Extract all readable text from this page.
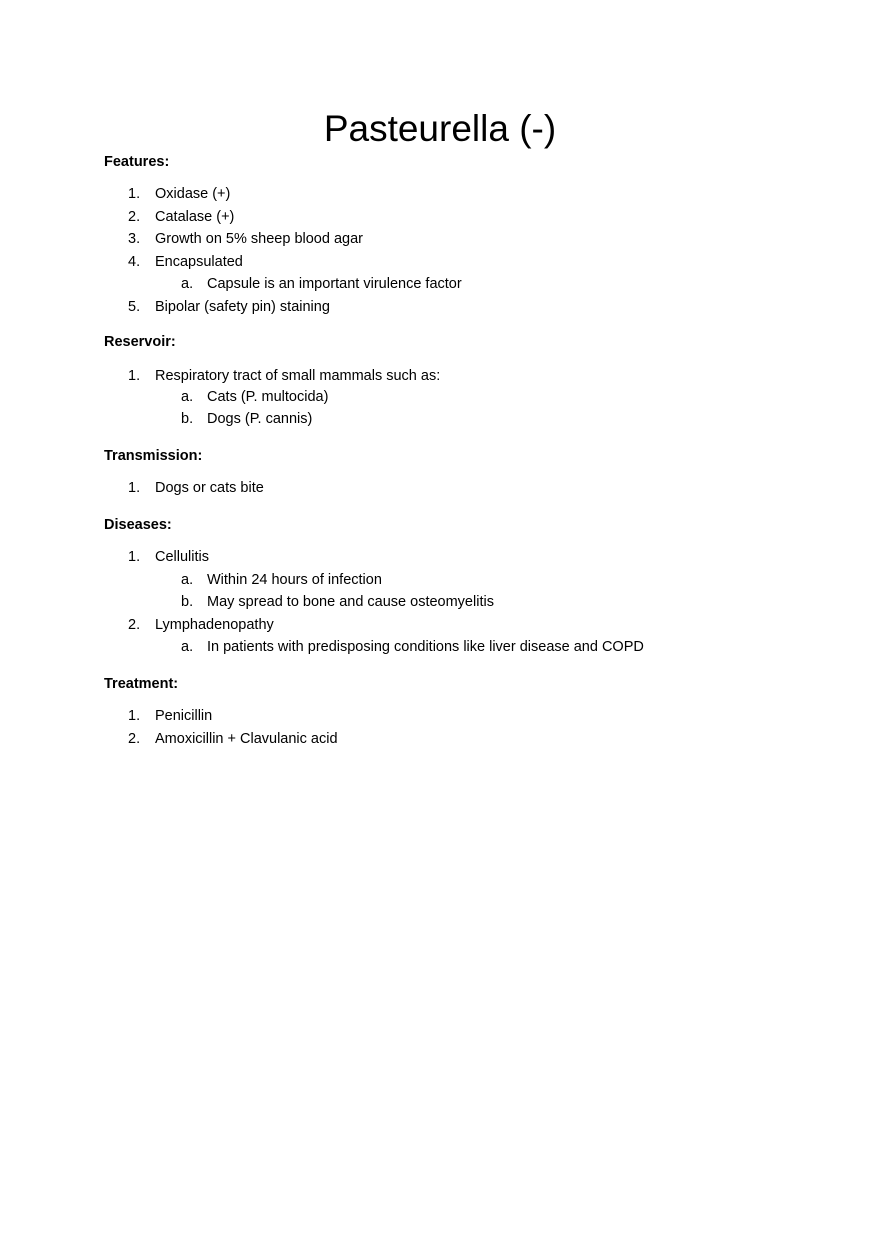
Pasteurella (-)
Features:
1. Oxidase (+)
2. Catalase (+)
3. Growth on 5% sheep blood agar
4. Encapsulated
a. Capsule is an important virulence factor
5. Bipolar (safety pin) staining
Reservoir:
1. Respiratory tract of small mammals such as:
a. Cats (P. multocida)
b. Dogs (P. cannis)
Transmission:
1. Dogs or cats bite
Diseases:
1. Cellulitis
a. Within 24 hours of infection
b. May spread to bone and cause osteomyelitis
2. Lymphadenopathy
a. In patients with predisposing conditions like liver disease and COPD
Treatment:
1. Penicillin
2. Amoxicillin + Clavulanic acid
